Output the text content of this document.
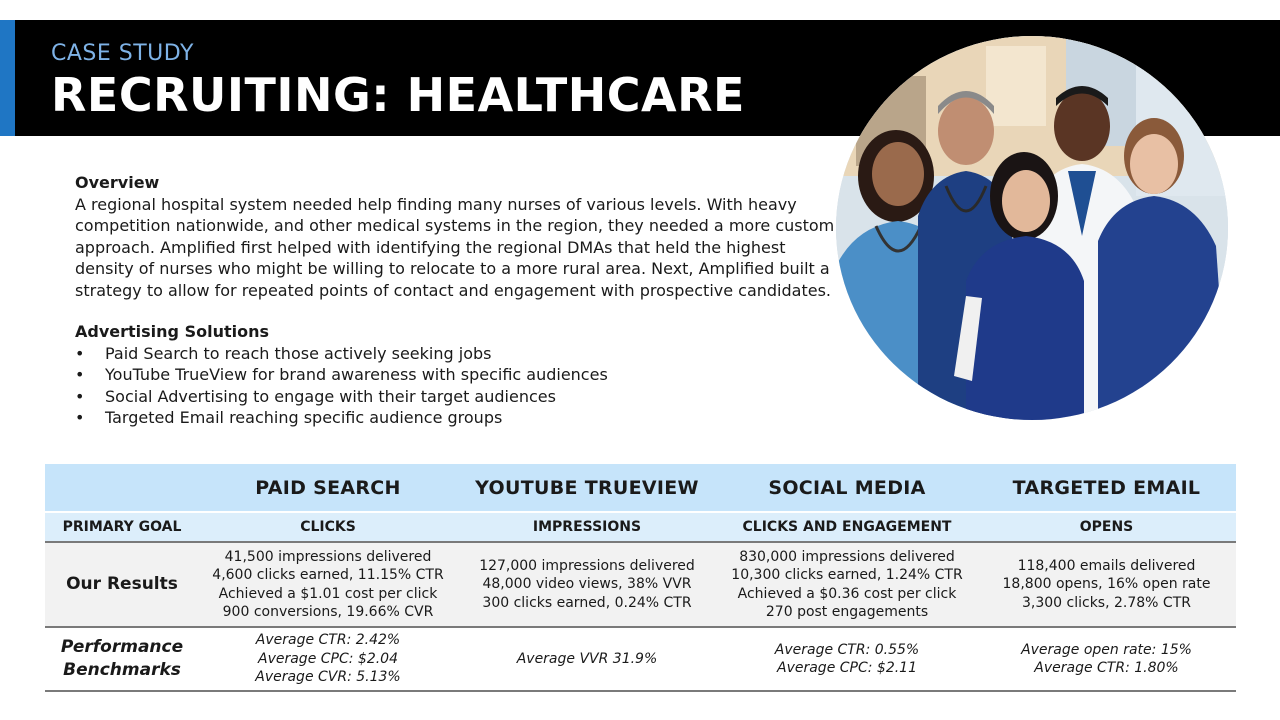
CASE STUDY
RECRUITING: HEALTHCARE
Overview

A regional hospital system needed help finding many nurses of various levels. With heavy competition nationwide, and other medical systems in the region, they needed a more custom approach. Amplified first helped with identifying the regional DMAs that held the highest density of nurses who might be willing to relocate to a more rural area. Next, Amplified built a strategy to allow for repeated points of contact and engagement with prospective candidates.

Advertising Solutions
• Paid Search to reach those actively seeking jobs
• YouTube TrueView for brand awareness with specific audiences
• Social Advertising to engage with their target audiences
• Targeted Email reaching specific audience groups
	PAID SEARCH	YOUTUBE TRUEVIEW	SOCIAL MEDIA	TARGETED EMAIL
PRIMARY GOAL	CLICKS	IMPRESSIONS	CLICKS AND ENGAGEMENT	OPENS
Our Results	41,500 impressions delivered
4,600 clicks earned, 11.15% CTR
Achieved a $1.01 cost per click
900 conversions, 19.66% CVR	127,000 impressions delivered
48,000 video views, 38% VVR
300 clicks earned, 0.24% CTR	830,000 impressions delivered
10,300 clicks earned, 1.24% CTR
Achieved a $0.36 cost per click
270 post engagements	118,400 emails delivered
18,800 opens, 16% open rate
3,300 clicks, 2.78% CTR

Performance
Benchmarks	Average CTR: 2.42%
Average CPC: $2.04
Average CVR: 5.13%	Average VVR 31.9%	Average CTR: 0.55%
Average CPC: $2.11	Average open rate: 15%
Average CTR: 1.80%
